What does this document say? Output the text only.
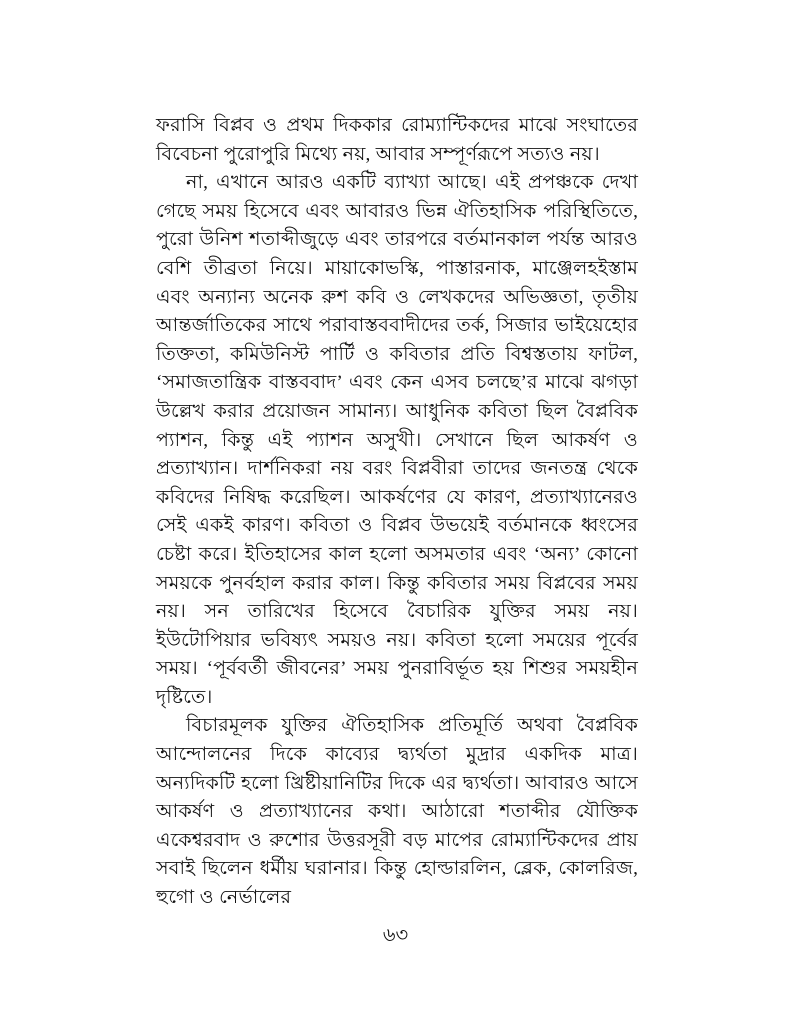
ফরাসি বিপ্লব ও প্রথম দিককার রোম্যান্টিকদের মাঝে সংঘাতের বিবেচনা পুরোপুরি মিথ্যে নয়, আবার সম্পূর্ণরূপে সত্যও নয়।

না, এখানে আরও একটি ব্যাখ্যা আছে। এই প্রপঞ্চকে দেখা গেছে সময় হিসেবে এবং আবারও ভিন্ন ঐতিহাসিক পরিস্থিতিতে, পুরো উনিশ শতাব্দীজুড়ে এবং তারপরে বর্তমানকাল পর্যন্ত আরও বেশি তীব্রতা নিয়ে। মায়াকোভস্কি, পাস্তারনাক, মাঞ্জেলহইস্তাম এবং অন্যান্য অনেক রুশ কবি ও লেখকদের অভিজ্ঞতা, তৃতীয় আন্তর্জাতিকের সাথে পরাবাস্তববাদীদের তর্ক, সিজার ভাইয়েহোর তিক্ততা, কমিউনিস্ট পার্টি ও কবিতার প্রতি বিশ্বস্ততায় ফাটল, ‘সমাজতান্ত্রিক বাস্তববাদ’ এবং কেন এসব চলছে’র মাঝে ঝগড়া উল্লেখ করার প্রয়োজন সামান্য। আধুনিক কবিতা ছিল বৈপ্লবিক প্যাশন, কিন্তু এই প্যাশন অসুখী। সেখানে ছিল আকর্ষণ ও প্রত্যাখ্যান। দার্শনিকরা নয় বরং বিপ্লবীরা তাদের জনতন্ত্র থেকে কবিদের নিষিদ্ধ করেছিল। আকর্ষণের যে কারণ, প্রত্যাখ্যানেরও সেই একই কারণ। কবিতা ও বিপ্লব উভয়েই বর্তমানকে ধ্বংসের চেষ্টা করে। ইতিহাসের কাল হলো অসমতার এবং ‘অন্য’ কোনো সময়কে পুনর্বহাল করার কাল। কিন্তু কবিতার সময় বিপ্লবের সময় নয়। সন তারিখের হিসেবে বৈচারিক যুক্তির সময় নয়। ইউটোপিয়ার ভবিষ্যৎ সময়ও নয়। কবিতা হলো সময়ের পূর্বের সময়। ‘পূর্ববর্তী জীবনের’ সময় পুনরাবির্ভূত হয় শিশুর সময়হীন দৃষ্টিতে।

বিচারমূলক যুক্তির ঐতিহাসিক প্রতিমূর্তি অথবা বৈপ্লবিক আন্দোলনের দিকে কাব্যের দ্ব্যর্থতা মুদ্রার একদিক মাত্র। অন্যদিকটি হলো খ্রিষ্টীয়ানিটির দিকে এর দ্ব্যর্থতা। আবারও আসে আকর্ষণ ও প্রত্যাখ্যানের কথা। আঠারো শতাব্দীর যৌক্তিক একেশ্বরবাদ ও রুশোর উত্তরসূরী বড় মাপের রোম্যান্টিকদের প্রায় সবাই ছিলেন ধর্মীয় ঘরানার। কিন্তু হোল্ডারলিন, ব্লেক, কোলরিজ, হুগো ও নের্ভালের

৬৩
